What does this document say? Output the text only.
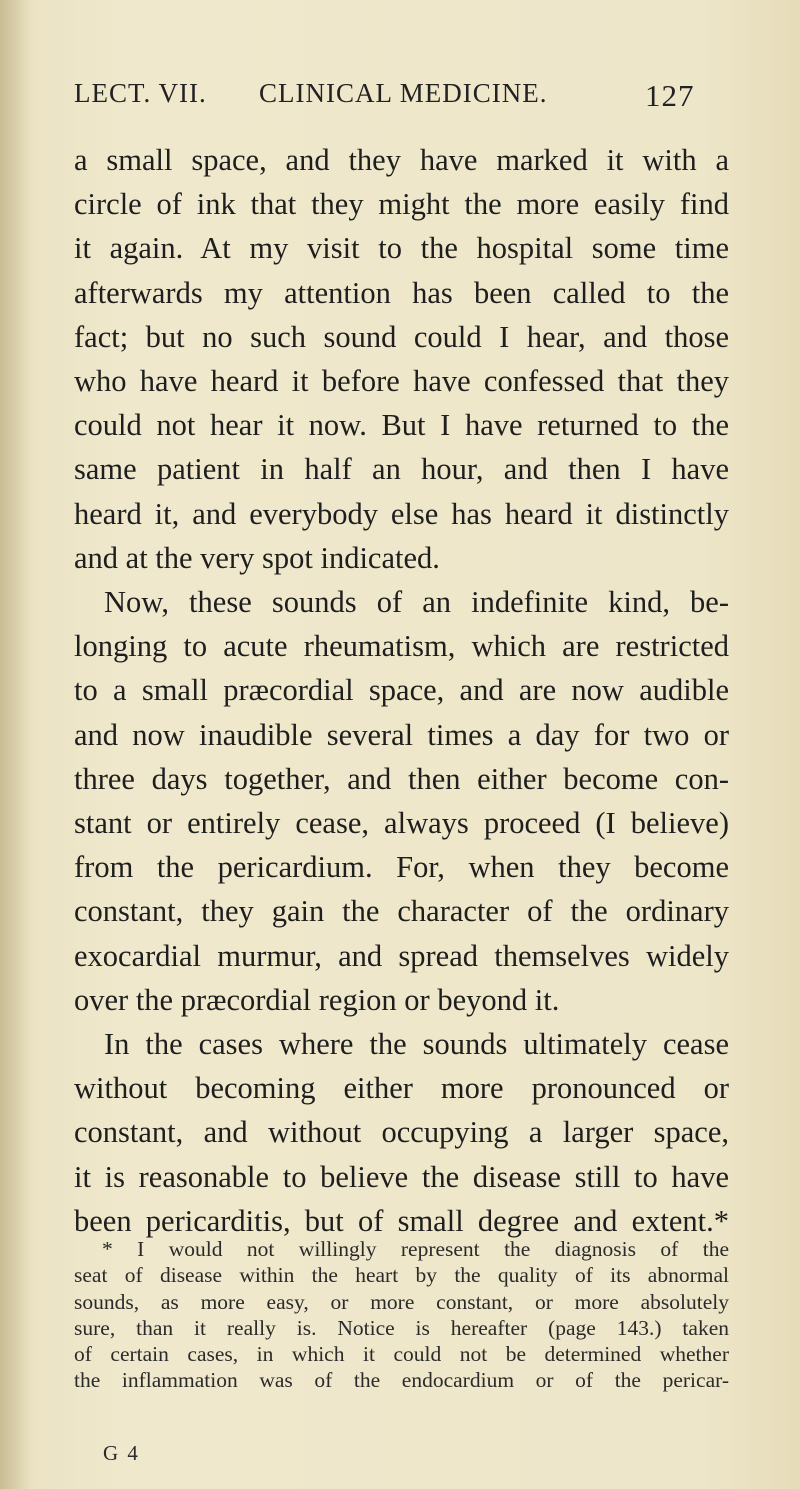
LECT. VII. CLINICAL MEDICINE.	127
a small space, and they have marked it with a
circle of ink that they might the more easily find
it again. At my visit to the hospital some time
afterwards my attention has been called to the
fact; but no such sound could I hear, and those
who have heard it before have confessed that they
could not hear it now. But I have returned to the
same patient in half an hour, and then I have
heard it, and everybody else has heard it distinctly
and at the very spot indicated.
Now, these sounds of an indefinite kind, be-
longing to acute rheumatism, which are restricted
to a small præcordial space, and are now audible
and now inaudible several times a day for two or
three days together, and then either become con-
stant or entirely cease, always proceed (I believe)
from the pericardium. For, when they become
constant, they gain the character of the ordinary
exocardial murmur, and spread themselves widely
over the præcordial region or beyond it.
In the cases where the sounds ultimately cease
without becoming either more pronounced or
constant, and without occupying a larger space,
it is reasonable to believe the disease still to have
been pericarditis, but of small degree and extent.*
* I would not willingly represent the diagnosis of the
seat of disease within the heart by the quality of its abnormal
sounds, as more easy, or more constant, or more absolutely
sure, than it really is. Notice is hereafter (page 143.) taken
of certain cases, in which it could not be determined whether
the inflammation was of the endocardium or of the pericar-
G 4
